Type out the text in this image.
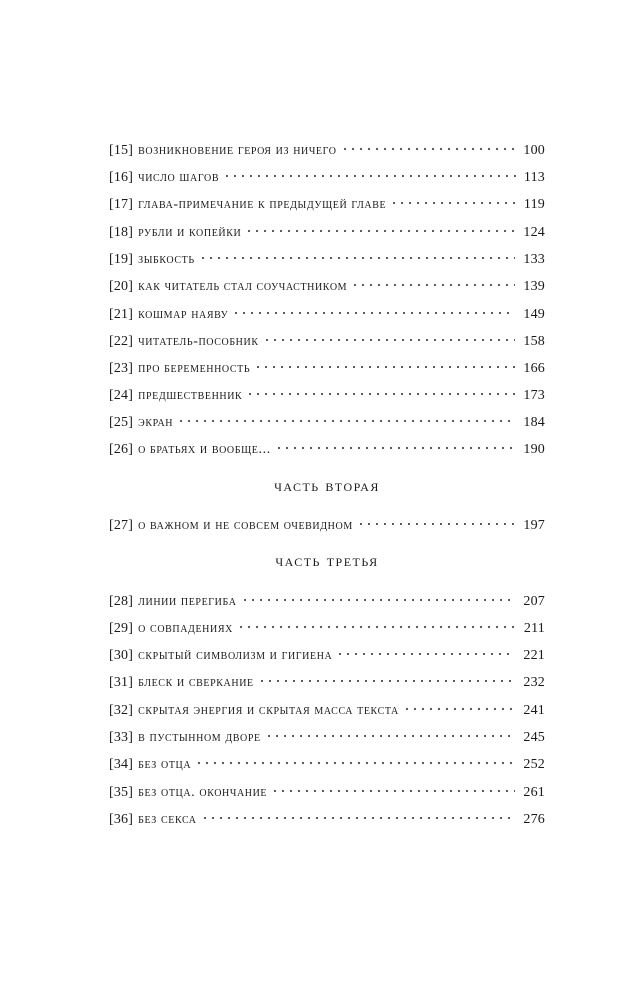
[15] возникновение героя из ничего	100
[16] число шагов	113
[17] глава-примечание к предыдущей главе	119
[18] рубли и копейки	124
[19] зыбкость	133
[20] как читатель стал соучастником	139
[21] кошмар наяву	149
[22] читатель-пособник	158
[23] про беременность	166
[24] предшественник	173
[25] экран	184
[26] о братьях и вообще...	190
часть вторая
[27] о важном и не совсем очевидном	197
часть третья
[28] линии перегиба	207
[29] о совпадениях	211
[30] скрытый символизм и гигиена	221
[31] блеск и сверкание	232
[32] скрытая энергия и скрытая масса текста	241
[33] в пустынном дворе	245
[34] без отца	252
[35] без отца. окончание	261
[36] без секса	276
